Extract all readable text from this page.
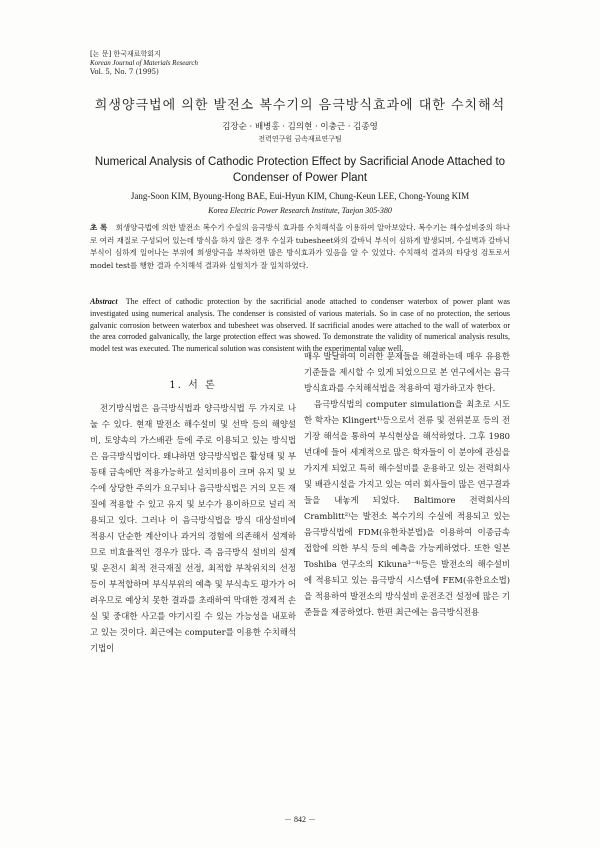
[논 문] 한국재료학회지
Korean Journal of Materials Research
Vol. 5, No. 7 (1995)
희생양극법에 의한 발전소 복수기의 음극방식효과에 대한 수치해석
김장순 · 배병홍 · 김의현 · 이충근 · 김종영
전력연구원 금속재료연구팀
Numerical Analysis of Cathodic Protection Effect by Sacrificial Anode Attached to Condenser of Power Plant
Jang-Soon KIM, Byoung-Hong BAE, Eui-Hyun KIM, Chung-Keun LEE, Chong-Young KIM
Korea Electric Power Research Institute, Taejon 305-380
초 록 희생양극법에 의한 발전소 복수기 수실의 음극방식 효과를 수치해석을 이용하여 알아보았다. 복수기는 해수설비중의 하나로 여러 재질로 구성되어 있는데 방식을 하지 않은 경우 수실과 tubesheet와의 갈바닉 부식이 심하게 발생되며, 수실벽과 갈바닉 부식이 심하게 일어나는 부위에 희생양극을 부착하면 많은 방식효과가 있음을 알 수 있었다. 수치해석 결과의 타당성 검토로서 model test를 행한 결과 수치해석 결과와 실험치가 잘 일치하였다.
Abstract The effect of cathodic protection by the sacrificial anode attached to condenser waterbox of power plant was investigated using numerical analysis. The condenser is consisted of various materials. So in case of no protection, the serious galvanic corrosion between waterbox and tubesheet was observed. If sacrificial anodes were attached to the wall of waterbox or the area corroded galvanically, the large protection effect was showed. To demonstrate the validity of numerical analysis results, model test was executed. The numerical solution was consistent with the experimental value well.
1. 서 론

전기방식법은 음극방식법과 양극방식법 두 가지로 나눌 수 있다. 현재 발전소 해수설비 및 선박 등의 해양설비, 토양속의 가스배관 등에 주로 이용되고 있는 방식법은 음극방식법이다. 왜냐하면 양극방식법은 활성태 및 부동태 금속에만 적용가능하고 설치비용이 크며 유지 및 보수에 상당한 주의가 요구되나 음극방식법은 거의 모든 재질에 적용할 수 있고 유지 및 보수가 용이하므로 널리 적용되고 있다. 그러나 이 음극방식법을 방식 대상설비에 적용시 단순한 계산이나 과거의 경험에 의존해서 설계하므로 비효율적인 경우가 많다. 즉 음극방식 설비의 설계 및 운전시 최적 전극재질 선정, 최적합 부착위치의 선정 등이 부적합하며 부식부위의 예측 및 부식속도 평가가 어려우므로 예상치 못한 결과를 초래하여 막대한 경제적 손실 및 중대한 사고를 야기시킬 수 있는 가능성을 내포하고 있는 것이다. 최근에는 computer를 이용한 수치해석기법이

매우 발달하여 이러한 문제들을 해결하는데 매우 유용한 기준들을 제시할 수 있게 되었으므로 본 연구에서는 음극방식효과를 수치해석법을 적용하여 평가하고자 한다.

음극방식법의 computer simulation을 최초로 시도한 학자는 Klingert¹⁾등으로서 전류 및 전위분포 등의 전기장 해석을 통하여 부식현상을 해석하였다. 그후 1980년대에 들어 세계적으로 많은 학자들이 이 분야에 관심을 가지게 되었고 특히 해수설비를 운용하고 있는 전력회사 및 배관시설을 가지고 있는 여러 회사들이 많은 연구결과들을 내놓게 되었다. Baltimore 전력회사의 Cramblitt²⁾는 발전소 복수기의 수실에 적용되고 있는 음극방식법에 FDM(유한차분법)을 이용하여 이종금속 접합에 의한 부식 등의 예측을 가능케하였다. 또한 일본 Toshiba 연구소의 Kikuna³⁻⁴⁾등은 발전소의 해수설비에 적용되고 있는 음극방식 시스템에 FEM(유한요소법)을 적용하여 발전소의 방식설비 운전조건 설정에 많은 기준들을 제공하였다. 한편 최근에는 음극방식전용

－ 842 －
